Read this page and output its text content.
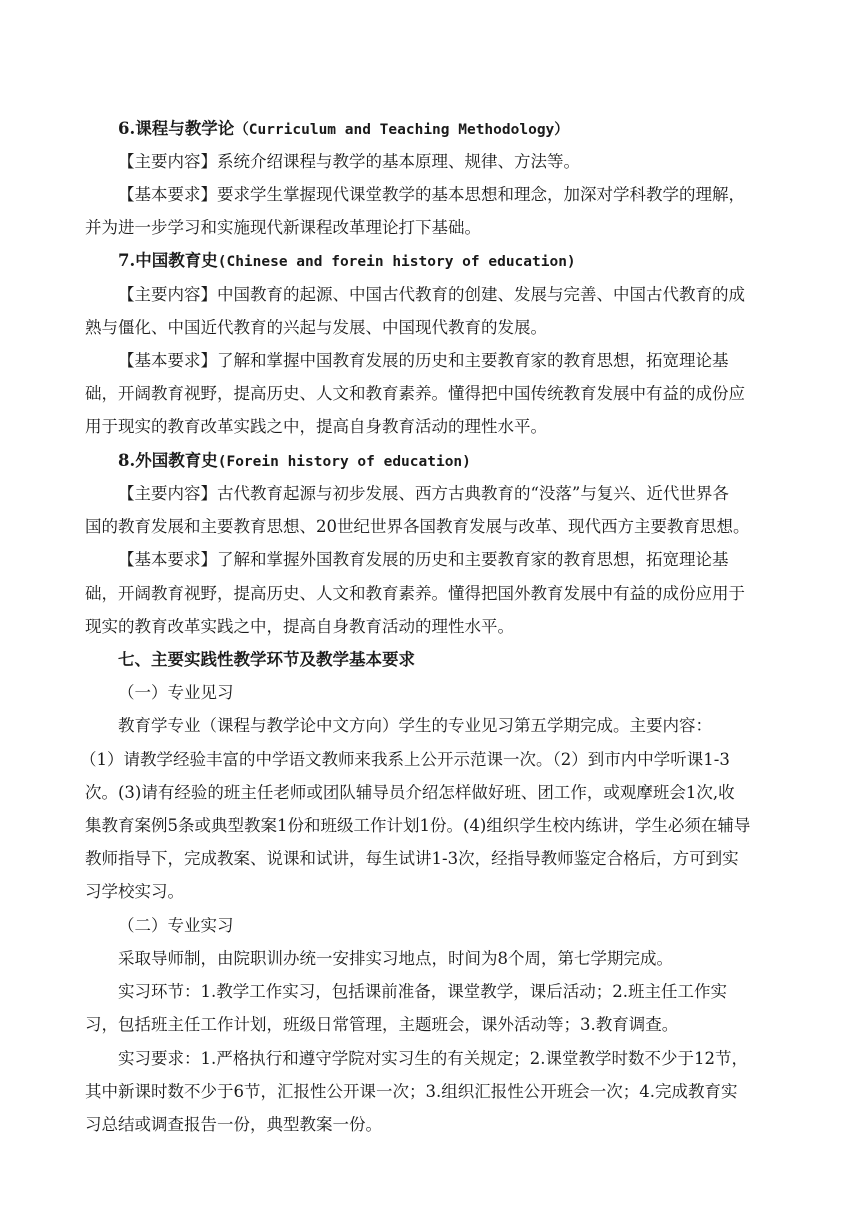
6.课程与教学论（Curriculum and Teaching Methodology）

【主要内容】系统介绍课程与教学的基本原理、规律、方法等。

【基本要求】要求学生掌握现代课堂教学的基本思想和理念，加深对学科教学的理解，

并为进一步学习和实施现代新课程改革理论打下基础。

7.中国教育史(Chinese and forein history of education)

【主要内容】中国教育的起源、中国古代教育的创建、发展与完善、中国古代教育的成

熟与僵化、中国近代教育的兴起与发展、中国现代教育的发展。

【基本要求】了解和掌握中国教育发展的历史和主要教育家的教育思想，拓宽理论基

础，开阔教育视野，提高历史、人文和教育素养。懂得把中国传统教育发展中有益的成份应

用于现实的教育改革实践之中，提高自身教育活动的理性水平。

8.外国教育史(Forein history of education)

【主要内容】古代教育起源与初步发展、西方古典教育的“没落”与复兴、近代世界各

国的教育发展和主要教育思想、20世纪世界各国教育发展与改革、现代西方主要教育思想。

【基本要求】了解和掌握外国教育发展的历史和主要教育家的教育思想，拓宽理论基

础，开阔教育视野，提高历史、人文和教育素养。懂得把国外教育发展中有益的成份应用于

现实的教育改革实践之中，提高自身教育活动的理性水平。

七、主要实践性教学环节及教学基本要求

（一）专业见习

教育学专业（课程与教学论中文方向）学生的专业见习第五学期完成。主要内容：

（1）请教学经验丰富的中学语文教师来我系上公开示范课一次。（2）到市内中学听课1-3

次。(3)请有经验的班主任老师或团队辅导员介绍怎样做好班、团工作，或观摩班会1次,收

集教育案例5条或典型教案1份和班级工作计划1份。(4)组织学生校内练讲，学生必须在辅导

教师指导下，完成教案、说课和试讲，每生试讲1-3次，经指导教师鉴定合格后，方可到实

习学校实习。

（二）专业实习

采取导师制，由院职训办统一安排实习地点，时间为8个周，第七学期完成。

实习环节：1.教学工作实习，包括课前准备，课堂教学，课后活动；2.班主任工作实

习，包括班主任工作计划，班级日常管理，主题班会，课外活动等；3.教育调查。

实习要求：1.严格执行和遵守学院对实习生的有关规定；2.课堂教学时数不少于12节，

其中新课时数不少于6节，汇报性公开课一次；3.组织汇报性公开班会一次；4.完成教育实

习总结或调查报告一份，典型教案一份。
